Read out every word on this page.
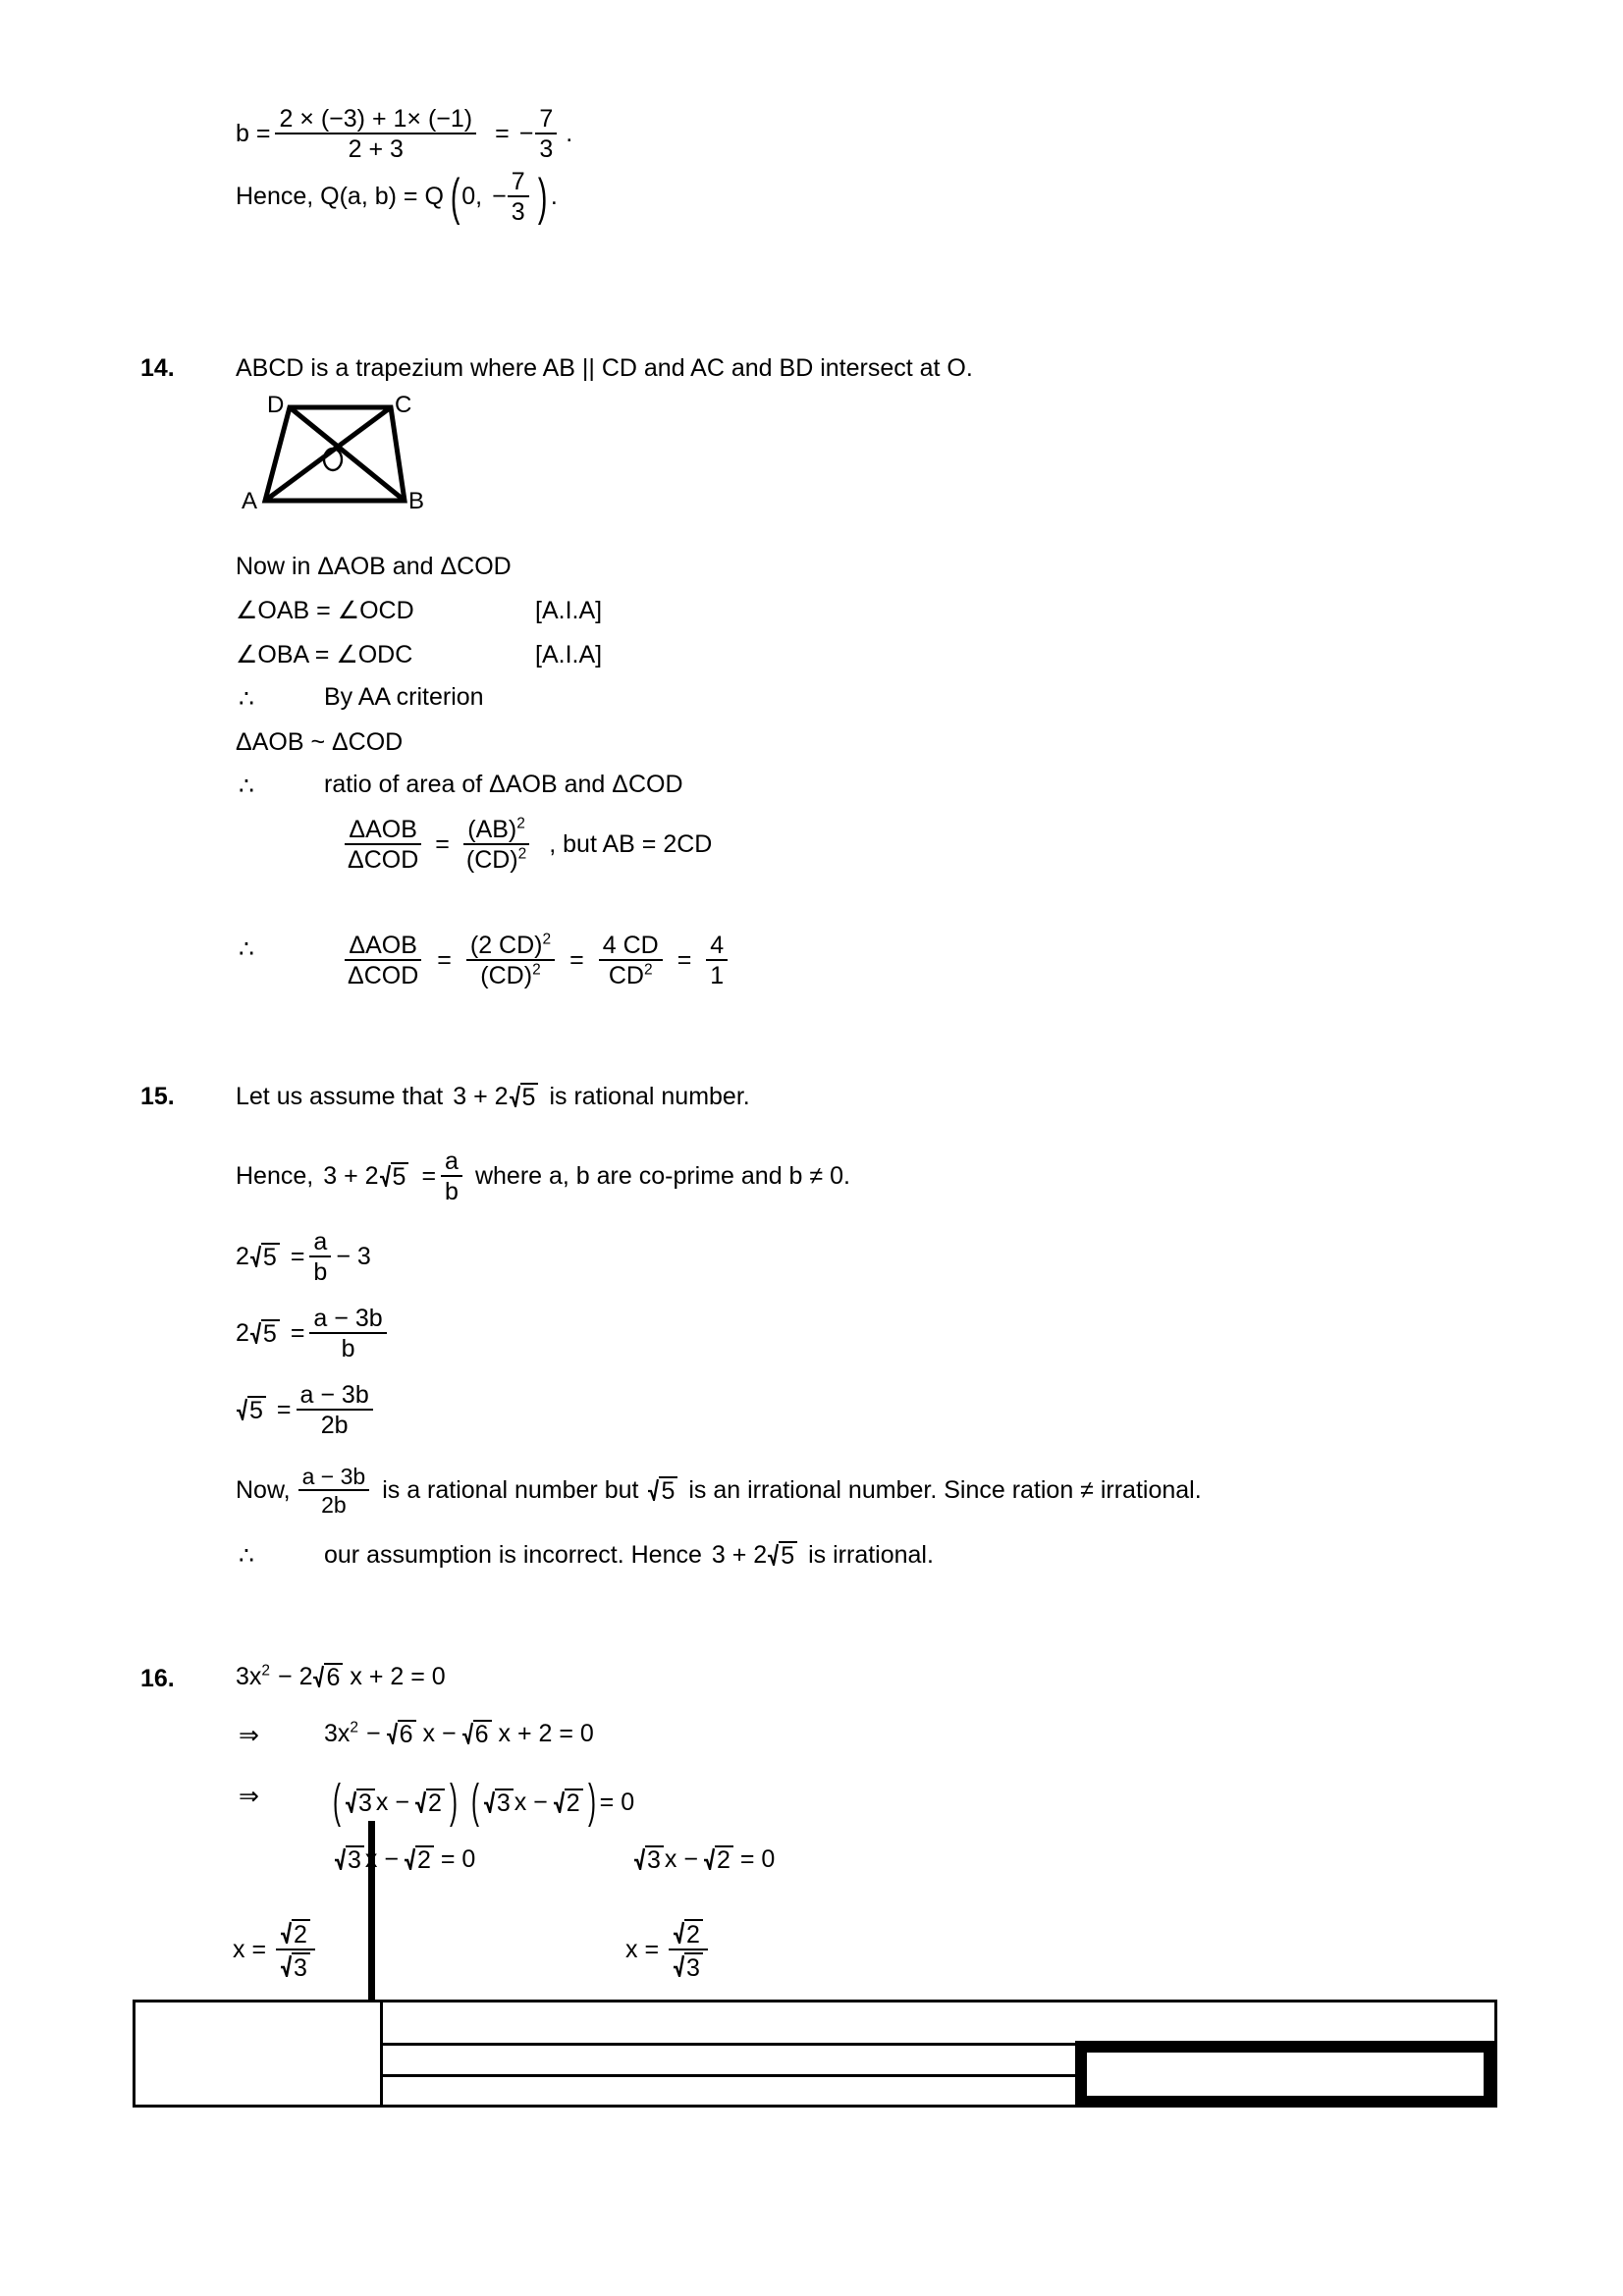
$b = \frac{2 \times (-3) + 1\times (-1)}{2 + 3}$ = − $\frac{7}{3}$ .
Hence, Q(a, b) = Q ( 0, − $\frac{7}{3}$ ) .
14. ABCD is a trapezium where AB || CD and AC and BD intersect at O.
D	C
A	B
Now in ΔAOB and ΔCOD
∠OAB = ∠OCD	[A.I.A]
∠OBA = ∠ODC	[A.I.A]
∴	By AA criterion
ΔAOB ~ ΔCOD
∴	ratio of area of ΔAOB and ΔCOD
$\frac{\text{ΔAOB}}{\text{ΔCOD}} = \frac{(AB)^2}{(CD)^2}$ , but AB = 2CD
∴	$\frac{\text{ΔAOB}}{\text{ΔCOD}} = \frac{(2 CD)^2}{(CD)^2} = \frac{4 CD}{CD^2} = \frac{4}{1}$
15. Let us assume that 3 + 2 5 is rational number.
Hence, 3 + 2 $5 = \frac{a}{b}$ where a, b are co-prime and b ≠ 0.
2 $5 = \frac{a}{b} - 3$
2 $5 = \frac{a - 3b}{b}$
$5 = \frac{a - 3b}{2b}$
Now, $\frac{a - 3b}{2b}$ is a rational number but 5 is an irrational number. Since ration ≠ irrational.
∴	our assumption is incorrect. Hence 3 + 2 5 is irrational.
16. $3x^2 - 2$ 6 x + 2 = 0
⇒	$3x^2 - 6$ x − 6 x + 2 = 0
⇒ ( 3 x − 2 ) ( 3 x − 2 ) = 0
3 x − 2 = 0
$x = \frac{2}{3}$
3 x − 2 = 0
$x = \frac{2}{3}$
